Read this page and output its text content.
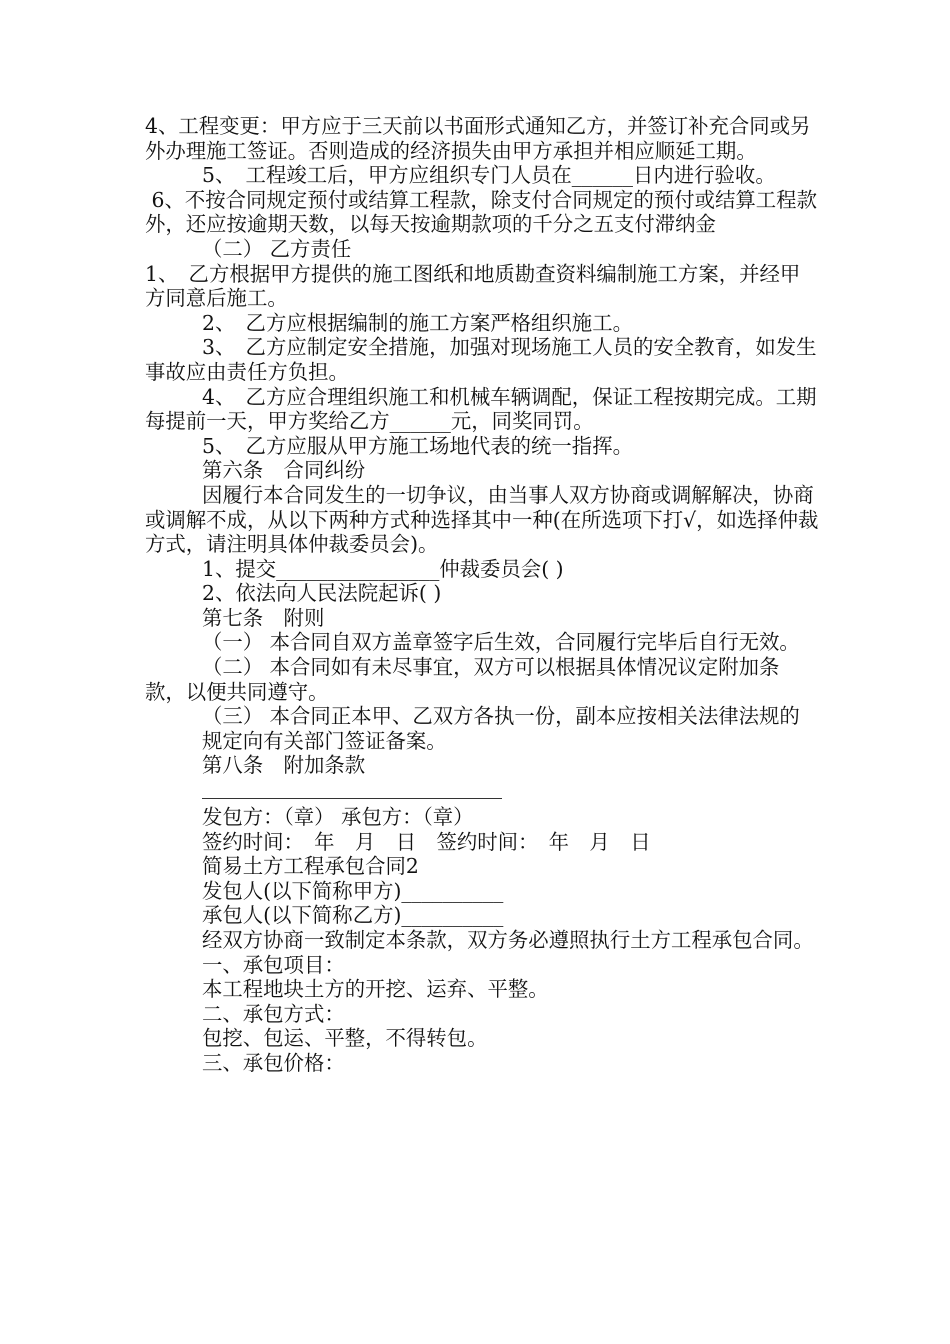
4、工程变更：甲方应于三天前以书面形式通知乙方，并签订补充合同或另外办理施工签证。否则造成的经济损失由甲方承担并相应顺延工期。

5、　工程竣工后，甲方应组织专门人员在______日内进行验收。

6、不按合同规定预付或结算工程款，除支付合同规定的预付或结算工程款外，还应按逾期天数，以每天按逾期款项的千分之五支付滞纳金

（二） 乙方责任

1、　乙方根据甲方提供的施工图纸和地质勘查资料编制施工方案，并经甲方同意后施工。

2、　乙方应根据编制的施工方案严格组织施工。

3、　乙方应制定安全措施，加强对现场施工人员的安全教育，如发生事故应由责任方负担。

4、　乙方应合理组织施工和机械车辆调配，保证工程按期完成。工期每提前一天，甲方奖给乙方______元，同奖同罚。

5、　乙方应服从甲方施工场地代表的统一指挥。

第六条　合同纠纷

因履行本合同发生的一切争议，由当事人双方协商或调解解决，协商或调解不成，从以下两种方式种选择其中一种(在所选项下打√，如选择仲裁方式，请注明具体仲裁委员会)。

1、提交________________仲裁委员会( )

2、依法向人民法院起诉( )

第七条　附则

（一） 本合同自双方盖章签字后生效，合同履行完毕后自行无效。

（二） 本合同如有未尽事宜，双方可以根据具体情况议定附加条款，以便共同遵守。

（三） 本合同正本甲、乙双方各执一份，副本应按相关法律法规的

规定向有关部门签证备案。

第八条　附加条款

发包方：（章） 承包方：（章）

签约时间：　年　月　日　签约时间：　年　月　日

简易土方工程承包合同2

发包人(以下简称甲方)__________

承包人(以下简称乙方)__________

经双方协商一致制定本条款，双方务必遵照执行土方工程承包合同。

一、承包项目：

本工程地块土方的开挖、运弃、平整。

二、承包方式：

包挖、包运、平整，不得转包。

三、承包价格：
